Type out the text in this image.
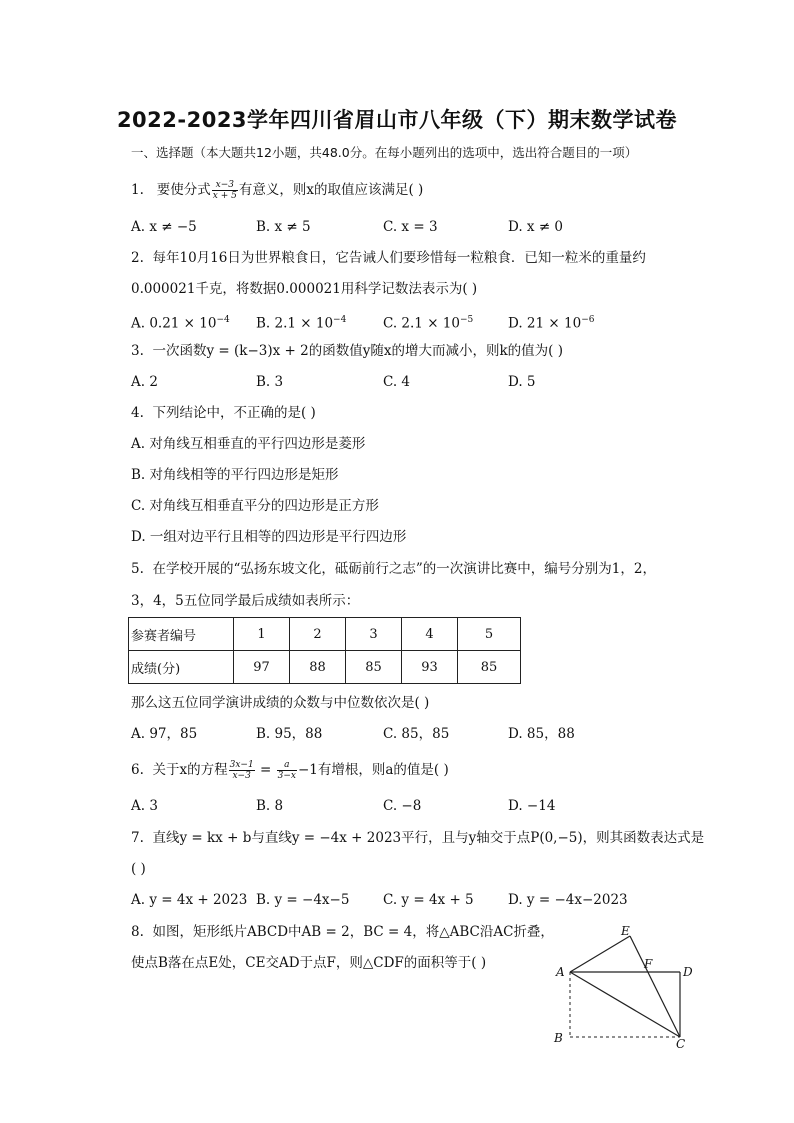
2022-2023学年四川省眉山市八年级（下）期末数学试卷
一、选择题（本大题共12小题，共48.0分。在每小题列出的选项中，选出符合题目的一项）
1. 要使分式 $\frac{x-3}{x + 5}$ 有意义，则x的取值应该满足( )
A. x ≠ −5	B. x ≠ 5	C. x = 3	D. x ≠ 0
2. 每年10月16日为世界粮食日，它告诫人们要珍惜每一粒粮食．已知一粒米的重量约
0.000021千克，将数据0.000021用科学记数法表示为( )
A. $0.21 \times 10^{-4}$ B. $2.1 \times 10^{-4}$	C. $2.1 \times 10^{-5}$	D. $21 \times 10^{-6}$
3. 一次函数y = (k−3)x + 2的函数值y随x的增大而减小，则k的值为( )
A. 2	B. 3	C. 4	D. 5
4. 下列结论中，不正确的是( )
A. 对角线互相垂直的平行四边形是菱形
B. 对角线相等的平行四边形是矩形
C. 对角线互相垂直平分的四边形是正方形
D. 一组对边平行且相等的四边形是平行四边形
5. 在学校开展的“弘扬东坡文化，砥砺前行之志”的一次演讲比赛中，编号分别为1，2，
3，4，5五位同学最后成绩如表所示：
参赛者编号	1	2	3	4	5
成绩(分)	97	88	85	93	85
那么这五位同学演讲成绩的众数与中位数依次是( )
A. 97，85	B. 95，88	C. 85，85	D. 85，88
6. 关于x的方程 $\frac{3x-1}{x-3} = \frac{a}{3-x} -1$有增根，则a的值是( )
A. 3	B. 8	C. −8	D. −14
7. 直线y = kx + b与直线y = −4x + 2023平行，且与y轴交于点P(0,−5)，则其函数表达式是
( )
A. y = 4x + 2023 B. y = −4x−5 C. y = 4x + 5	D. y = −4x−2023
8. 如图，矩形纸片ABCD中AB = 2，BC = 4，将△ABC沿AC折叠，
使点B落在点E处，CE交AD于点F，则△CDF的面积等于( )
A
B	C
D
E
F
